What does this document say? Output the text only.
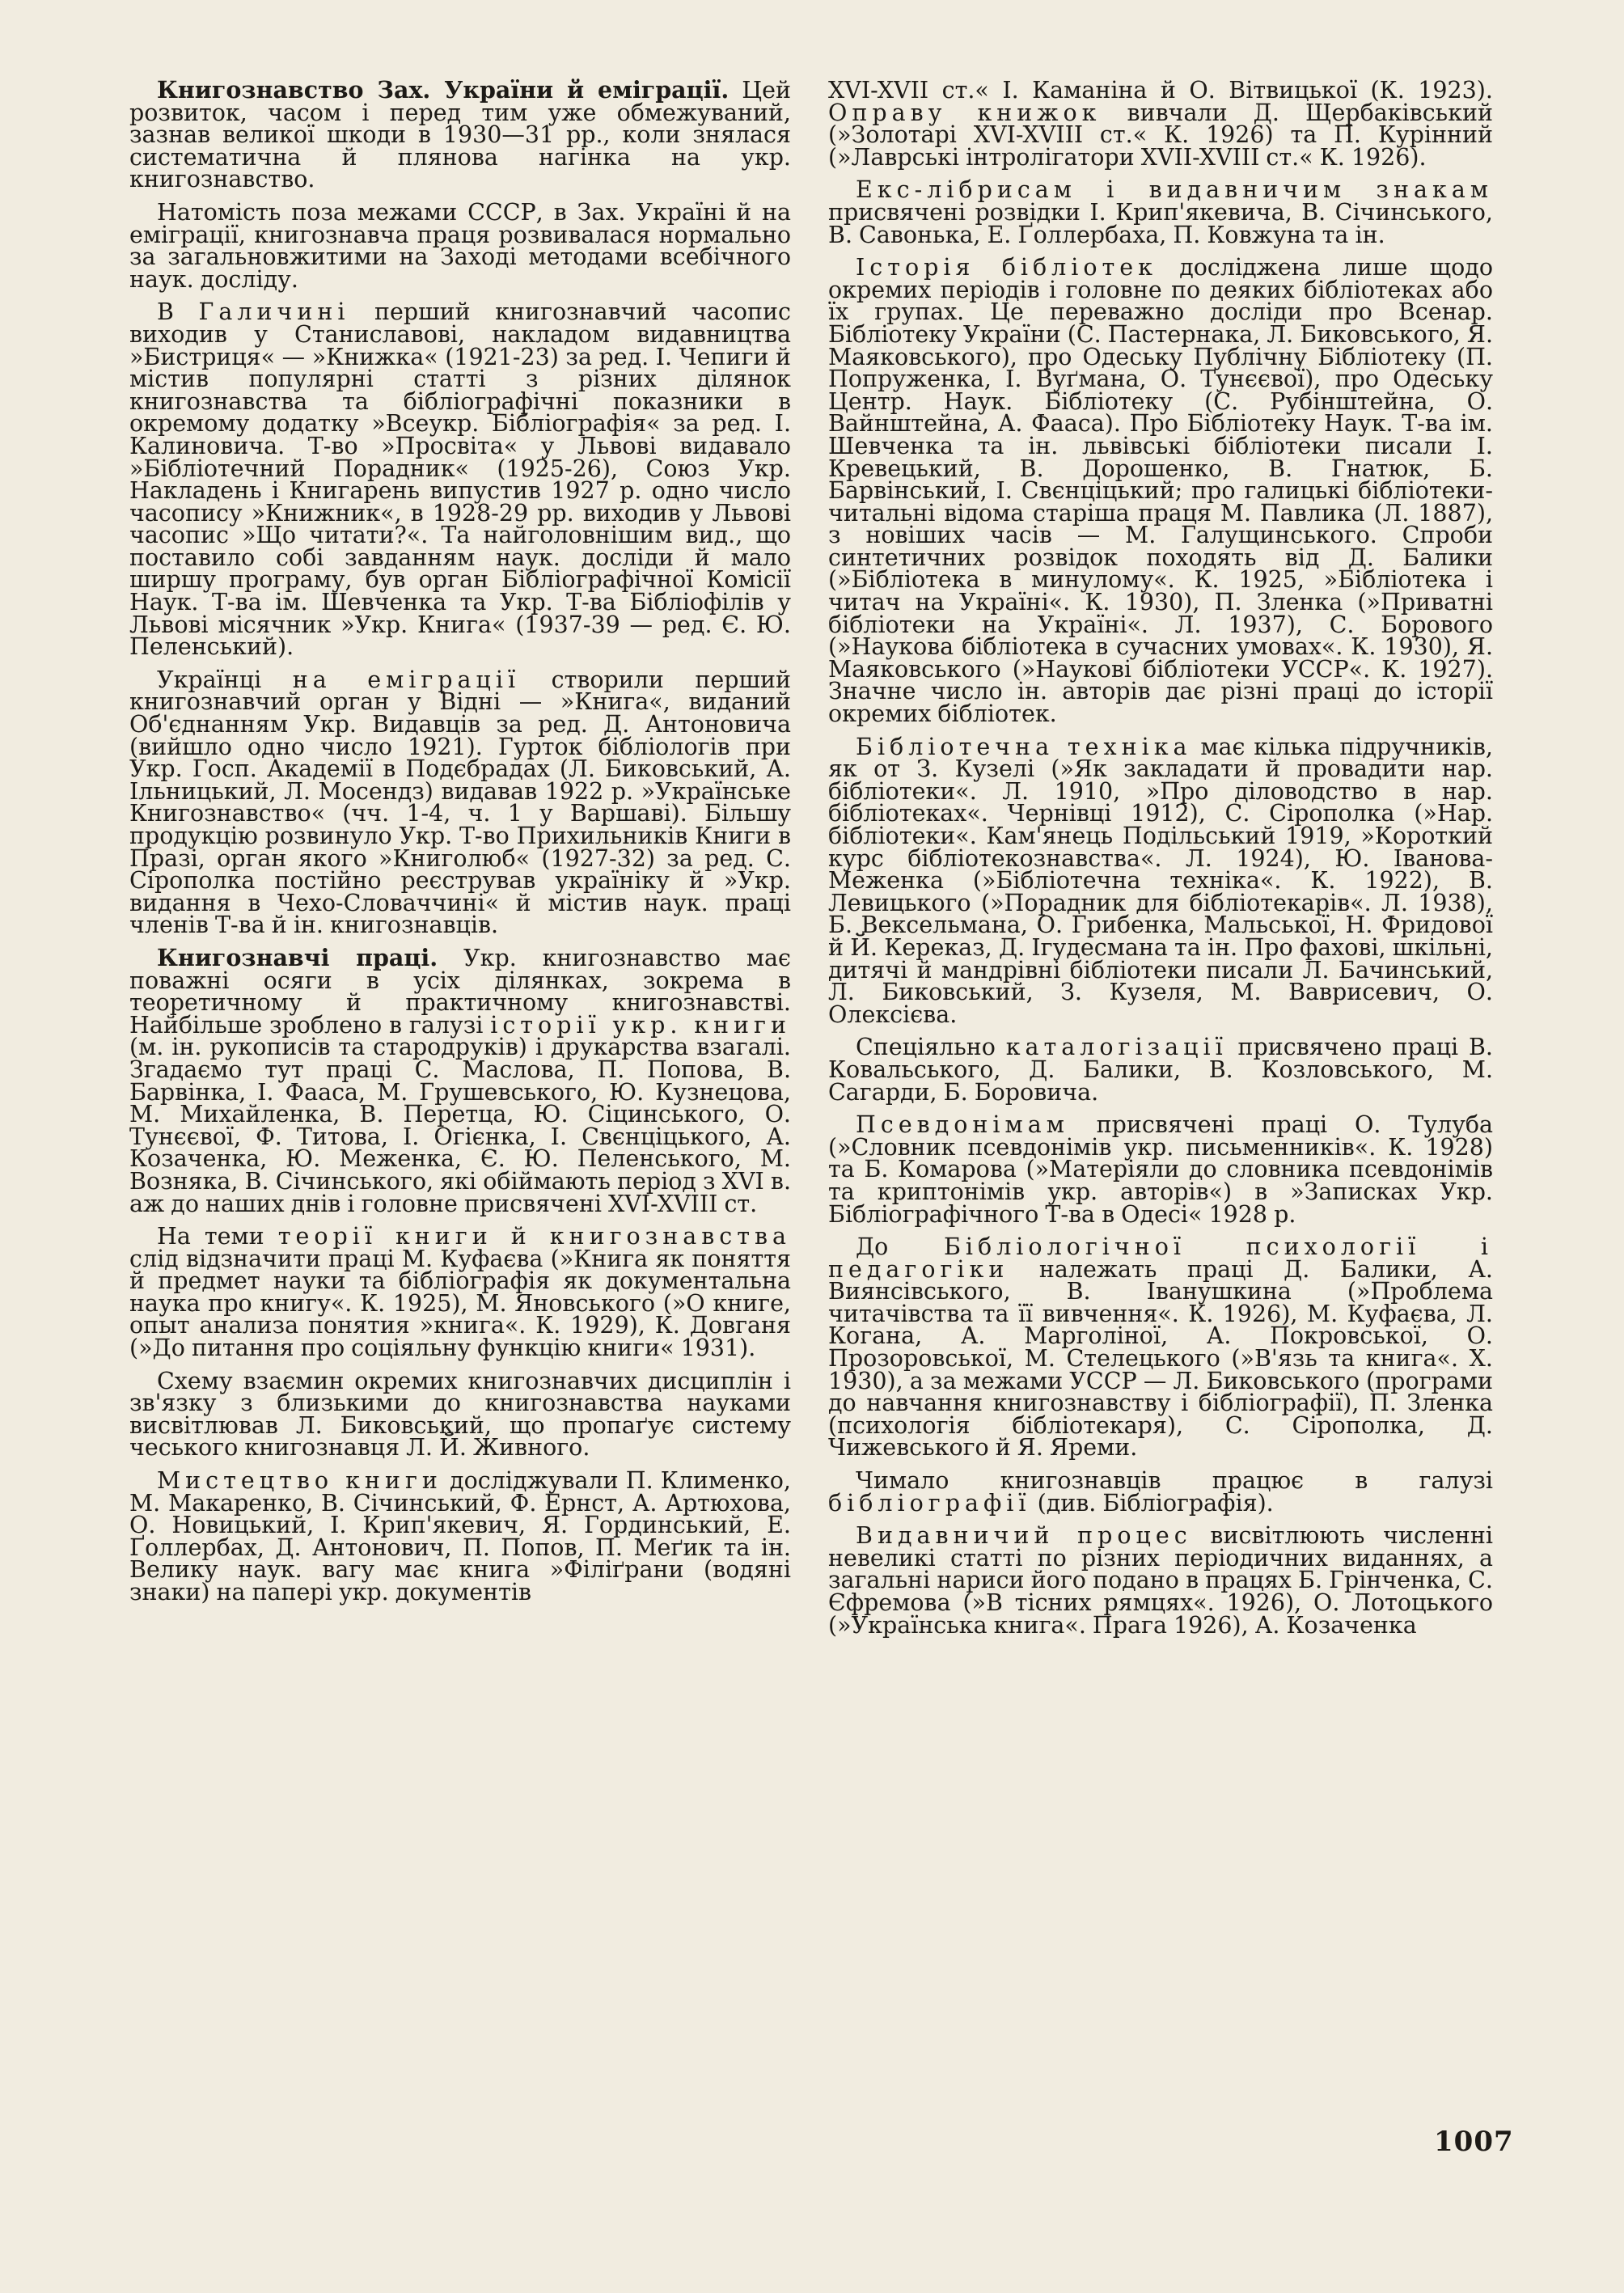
Книгознавство Зах. України й еміграції. Цей розвиток, часом і перед тим уже обмежуваний, зазнав великої шкоди в 1930—31 рр., коли знялася систематична й плянова нагінка на укр. книгознавство.

Натомість поза межами СССР, в Зах. Україні й на еміграції, книгознавча праця розвивалася нормально за загальновжитими на Заході методами всебічного наук. досліду.

В Галичині перший книгознавчий часопис виходив у Станиславові, накладом видавництва »Бистриця« — »Книжка« (1921-23) за ред. І. Чепиги й містив популярні статті з різних ділянок книгознавства та бібліографічні показники в окремому додатку »Всеукр. Бібліографія« за ред. І. Калиновича. Т-во »Просвіта« у Львові видавало »Бібліотечний Порадник« (1925-26), Союз Укр. Накладень і Книгарень випустив 1927 р. одно число часопису »Книжник«, в 1928-29 рр. виходив у Львові часопис »Що читати?«. Та найголовнішим вид., що поставило собі завданням наук. досліди й мало ширшу програму, був орган Бібліографічної Комісії Наук. Т-ва ім. Шевченка та Укр. Т-ва Бібліофілів у Львові місячник »Укр. Книга« (1937-39 — ред. Є. Ю. Пеленський).

Українці на еміграції створили перший книгознавчий орган у Відні — »Книга«, виданий Об'єднанням Укр. Видавців за ред. Д. Антоновича (вийшло одно число 1921). Гурток бібліологів при Укр. Госп. Академії в Подєбрадах (Л. Биковський, А. Ільницький, Л. Мосендз) видавав 1922 р. »Українське Книгознавство« (чч. 1-4, ч. 1 у Варшаві). Більшу продукцію розвинуло Укр. Т-во Прихильників Книги в Празі, орган якого »Книголюб« (1927-32) за ред. С. Сірополка постійно реєстрував україніку й »Укр. видання в Чехо-Словаччині« й містив наук. праці членів Т-ва й ін. книгознавців.

Книгознавчі праці. Укр. книгознавство має поважні осяги в усіх ділянках, зокрема в теоретичному й практичному книгознавстві. Найбільше зроблено в галузі історії укр. книги (м. ін. рукописів та стародруків) і друкарства взагалі. Згадаємо тут праці С. Маслова, П. Попова, В. Барвінка, І. Фааса, М. Грушевського, Ю. Кузнецова, М. Михайленка, В. Перетца, Ю. Сіцинського, О. Тунєєвої, Ф. Титова, І. Огієнка, І. Свєнціцького, А. Козаченка, Ю. Меженка, Є. Ю. Пеленського, М. Возняка, В. Січинського, які обіймають період з XVI в. аж до наших днів і головне присвячені XVI-XVIII ст.

На теми теорії книги й книгознавства слід відзначити праці М. Куфаєва (»Книга як поняття й предмет науки та бібліографія як документальна наука про книгу«. К. 1925), М. Яновського (»О книге, опыт анализа понятия »книга«. К. 1929), К. Довганя (»До питання про соціяльну функцію книги« 1931).

Схему взаємин окремих книгознавчих дисциплін і зв'язку з близькими до книгознавства науками висвітлював Л. Биковський, що пропаґує систему чеського книгознавця Л. Й. Живного.

Мистецтво книги досліджували П. Клименко, М. Макаренко, В. Січинський, Ф. Ернст, А. Артюхова, О. Новицький, І. Крип'якевич, Я. Гординський, Е. Ґоллербах, Д. Антонович, П. Попов, П. Меґик та ін. Велику наук. вагу має книга »Філіґрани (водяні знаки) на папері укр. документів

XVI-XVII ст.« І. Каманіна й О. Вітвицької (К. 1923). Оправу книжок вивчали Д. Щербаківський (»Золотарі XVI-XVIII ст.« К. 1926) та П. Курінний (»Лаврські інтролігатори XVII-XVIII ст.« К. 1926).

Екс-лібрисам і видавничим знакам присвячені розвідки І. Крип'якевича, В. Січинського, В. Савонька, Е. Ґоллербаха, П. Ковжуна та ін.

Історія бібліотек досліджена лише щодо окремих періодів і головне по деяких бібліотеках або їх групах. Це переважно досліди про Всенар. Бібліотеку України (С. Пастернака, Л. Биковського, Я. Маяковського), про Одеську Публічну Бібліотеку (П. Попруженка, І. Вуґмана, О. Тунєєвої), про Одеську Центр. Наук. Бібліотеку (С. Рубінштейна, О. Вайнштейна, А. Фааса). Про Бібліотеку Наук. Т-ва ім. Шевченка та ін. львівські бібліотеки писали І. Кревецький, В. Дорошенко, В. Гнатюк, Б. Барвінський, І. Свєнціцький; про галицькі бібліотеки-читальні відома старіша праця М. Павлика (Л. 1887), з новіших часів — М. Галущинського. Спроби синтетичних розвідок походять від Д. Балики (»Бібліотека в минулому«. К. 1925, »Бібліотека і читач на Україні«. К. 1930), П. Зленка (»Приватні бібліотеки на Україні«. Л. 1937), С. Борового (»Наукова бібліотека в сучасних умовах«. К. 1930), Я. Маяковського (»Наукові бібліотеки УССР«. К. 1927). Значне число ін. авторів дає різні праці до історії окремих бібліотек.

Бібліотечна техніка має кілька підручників, як от З. Кузелі (»Як закладати й провадити нар. бібліотеки«. Л. 1910, »Про діловодство в нар. бібліотеках«. Чернівці 1912), С. Сірополка (»Нар. бібліотеки«. Кам'янець Подільський 1919, »Короткий курс бібліотекознавства«. Л. 1924), Ю. Іванова-Меженка (»Бібліотечна техніка«. К. 1922), В. Левицького (»Порадник для бібліотекарів«. Л. 1938), Б. Вексельмана, О. Грибенка, Мальської, Н. Фридової й Й. Кереказ, Д. Ігудесмана та ін. Про фахові, шкільні, дитячі й мандрівні бібліотеки писали Л. Бачинський, Л. Биковський, З. Кузеля, М. Ваврисевич, О. Олексієва.

Спеціяльно каталогізації присвячено праці В. Ковальського, Д. Балики, В. Козловського, М. Сагарди, Б. Боровича.

Псевдонімам присвячені праці О. Тулуба (»Словник псевдонімів укр. письменників«. К. 1928) та Б. Комарова (»Матеріяли до словника псевдонімів та криптонімів укр. авторів«) в »Записках Укр. Бібліографічного Т-ва в Одесі« 1928 р.

До Бібліологічної психології і педагогіки належать праці Д. Балики, А. Виянсівського, В. Іванушкина (»Проблема читачівства та її вивчення«. К. 1926), М. Куфаєва, Л. Когана, А. Марголіної, А. Покровської, О. Прозоровської, М. Стелецького (»В'язь та книга«. Х. 1930), а за межами УССР — Л. Биковського (програми до навчання книгознавству і бібліографії), П. Зленка (психологія бібліотекаря), С. Сірополка, Д. Чижевського й Я. Яреми.

Чимало книгознавців працює в галузі бібліографії (див. Бібліографія).

Видавничий процес висвітлюють численні невеликі статті по різних періодичних виданнях, а загальні нариси його подано в працях Б. Грінченка, С. Єфремова (»В тісних рямцях«. 1926), О. Лотоцького (»Українська книга«. Прага 1926), А. Козаченка

1007
